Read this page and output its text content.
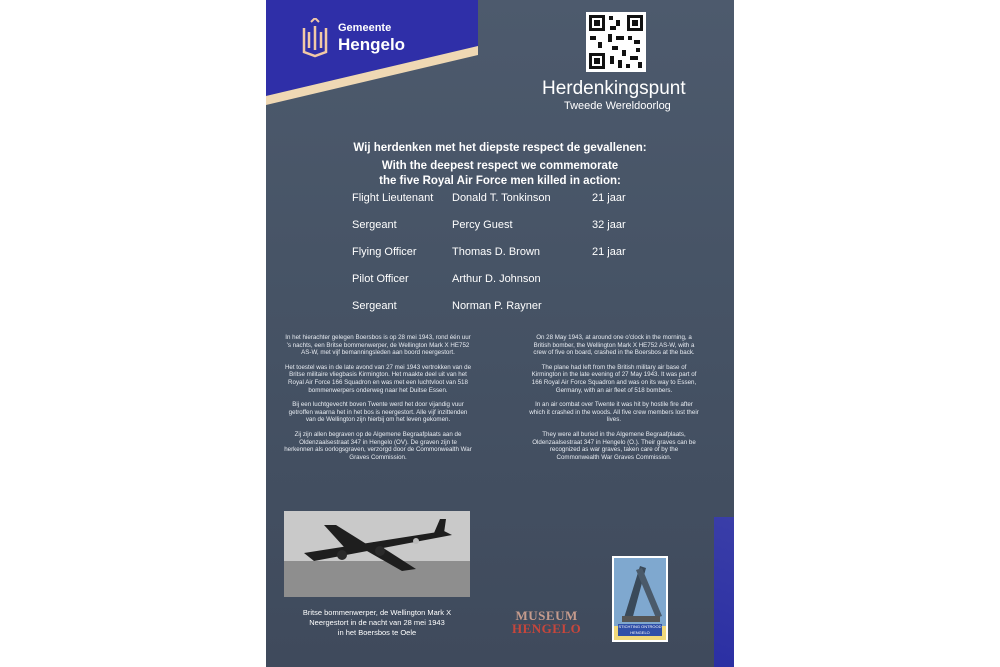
Gemeente
Hengelo
Herdenkingspunt
Tweede Wereldoorlog
Wij herdenken met het diepste respect de gevallenen:
With the deepest respect we commemorate
the five Royal Air Force men killed in action:
Flight Lieutenant Donald T. Tonkinson	21 jaar
Sergeant	Percy Guest	32 jaar
Flying Officer	Thomas D. Brown	21 jaar
Pilot Officer	Arthur D. Johnson
Sergeant	Norman P. Rayner

In het hierachter gelegen Boersbos is op 28 mei 1943, rond één uur 's nachts, een Britse bommenwerper, de Wellington Mark X HE752 AS-W, met vijf bemanningsleden aan boord neergestort.

Het toestel was in de late avond van 27 mei 1943 vertrokken van de Britse militaire vliegbasis Kirmington. Het maakte deel uit van het Royal Air Force 166 Squadron en was met een luchtvloot van 518 bommenwerpers onderweg naar het Duitse Essen.

Bij een luchtgevecht boven Twente werd het door vijandig vuur getroffen waarna het in het bos is neergestort. Alle vijf inzittenden van de Wellington zijn hierbij om het leven gekomen.

Zij zijn allen begraven op de Algemene Begraafplaats aan de Oldenzaalsestraat 347 in Hengelo (OV). De graven zijn te herkennen als oorlogsgraven, verzorgd door de Commonwealth War Graves Commission.

On 28 May 1943, at around one o'clock in the morning, a British bomber, the Wellington Mark X HE752 AS-W, with a crew of five on board, crashed in the Boersbos at the back.

The plane had left from the British military air base of Kirmington in the late evening of 27 May 1943. It was part of 166 Royal Air Force Squadron and was on its way to Essen, Germany, with an air fleet of 518 bombers.

In an air combat over Twente it was hit by hostile fire after which it crashed in the woods. All five crew members lost their lives.

They were all buried in the Algemene Begraafplaats, Oldenzaalsestraat 347 in Hengelo (O.). Their graves can be recognized as war graves, taken care of by the Commonwealth War Graves Commission.

Britse bommenwerper, de Wellington Mark X
Neergestort in de nacht van 28 mei 1943
in het Boersbos te Oele
MUSEUM
HENGELO	STICHTING ONTROOD HENGELO
